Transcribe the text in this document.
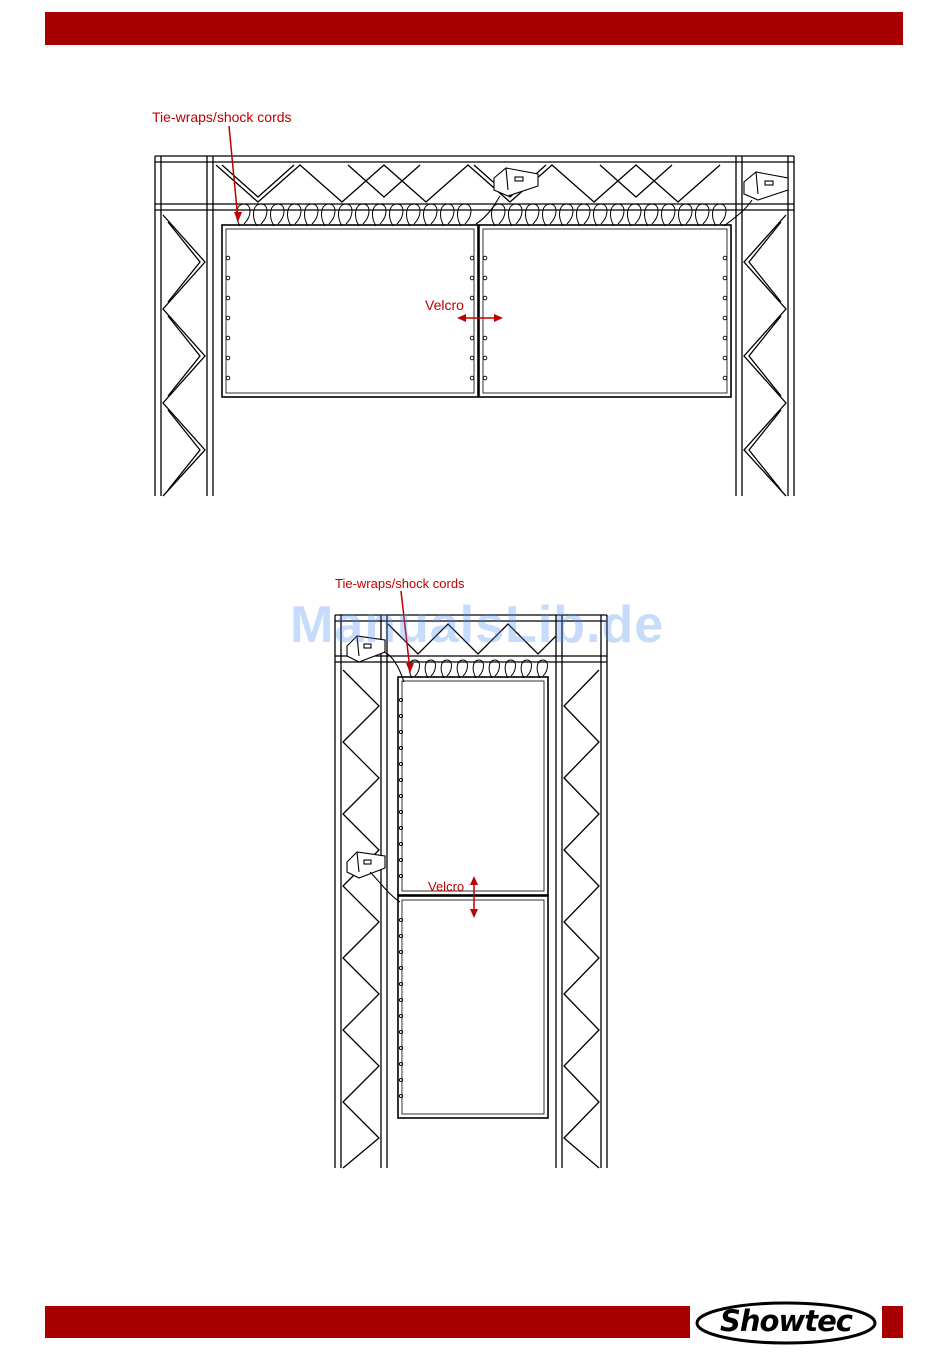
Tie-wraps/shock cords
Velcro
Tie-wraps/shock cords
Velcro
ManualsLib.de
Showtec
